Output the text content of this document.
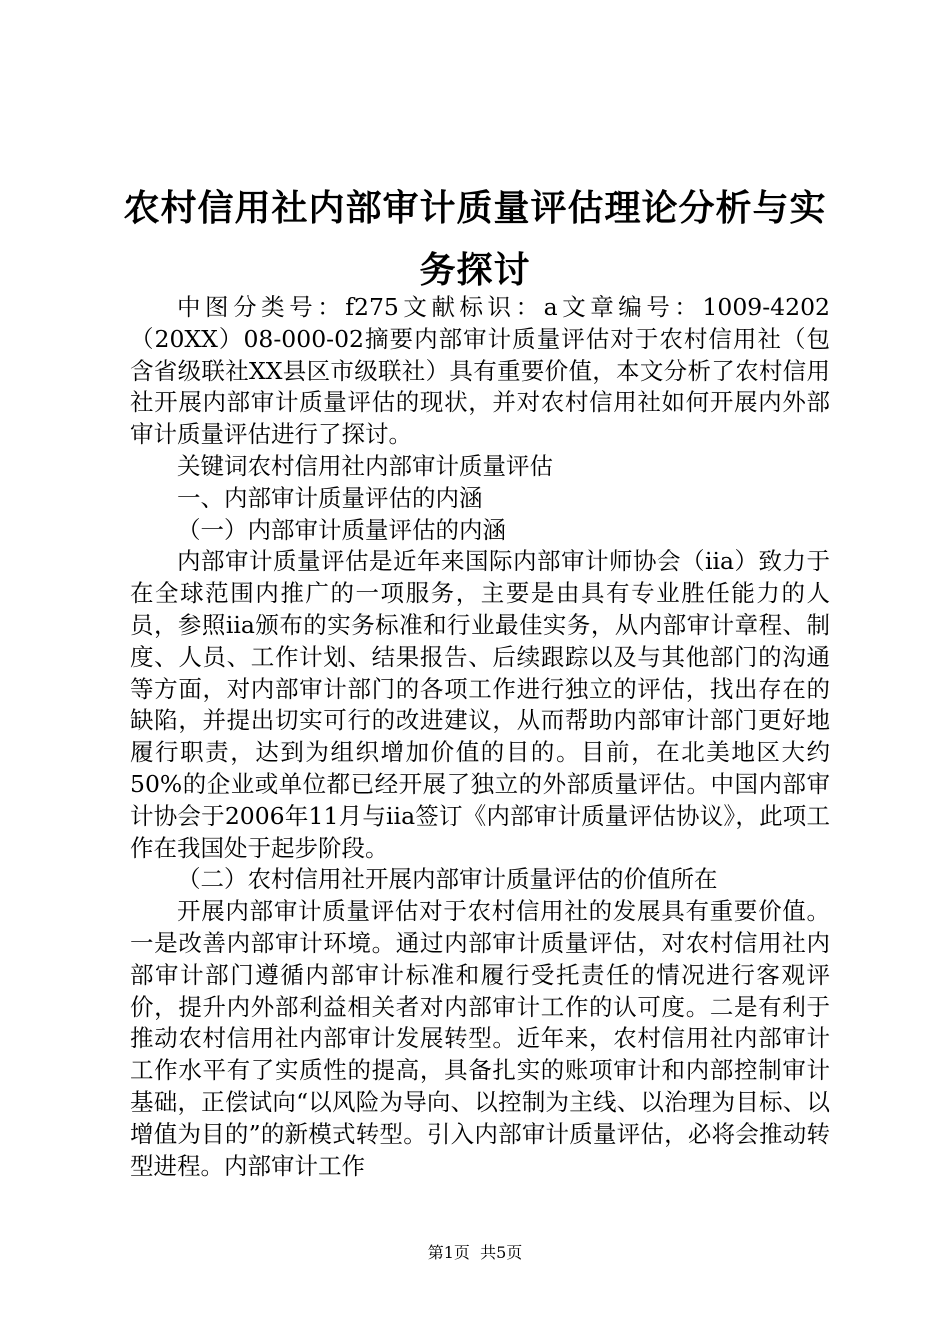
农村信用社内部审计质量评估理论分析与实务探讨

中图分类号：f275文献标识：a文章编号：1009-4202（20XX）08-000-02摘要内部审计质量评估对于农村信用社（包含省级联社XX县区市级联社）具有重要价值，本文分析了农村信用社开展内部审计质量评估的现状，并对农村信用社如何开展内外部审计质量评估进行了探讨。

关键词农村信用社内部审计质量评估

一、内部审计质量评估的内涵

（一）内部审计质量评估的内涵

内部审计质量评估是近年来国际内部审计师协会（iia）致力于在全球范围内推广的一项服务，主要是由具有专业胜任能力的人员，参照iia颁布的实务标准和行业最佳实务，从内部审计章程、制度、人员、工作计划、结果报告、后续跟踪以及与其他部门的沟通等方面，对内部审计部门的各项工作进行独立的评估，找出存在的缺陷，并提出切实可行的改进建议，从而帮助内部审计部门更好地履行职责，达到为组织增加价值的目的。目前，在北美地区大约50%的企业或单位都已经开展了独立的外部质量评估。中国内部审计协会于2006年11月与iia签订《内部审计质量评估协议》，此项工作在我国处于起步阶段。

（二）农村信用社开展内部审计质量评估的价值所在

开展内部审计质量评估对于农村信用社的发展具有重要价值。一是改善内部审计环境。通过内部审计质量评估，对农村信用社内部审计部门遵循内部审计标准和履行受托责任的情况进行客观评价，提升内外部利益相关者对内部审计工作的认可度。二是有利于推动农村信用社内部审计发展转型。近年来，农村信用社内部审计工作水平有了实质性的提高，具备扎实的账项审计和内部控制审计基础，正偿试向“以风险为导向、以控制为主线、以治理为目标、以增值为目的”的新模式转型。引入内部审计质量评估，必将会推动转型进程。内部审计工作

第1页 共5页
